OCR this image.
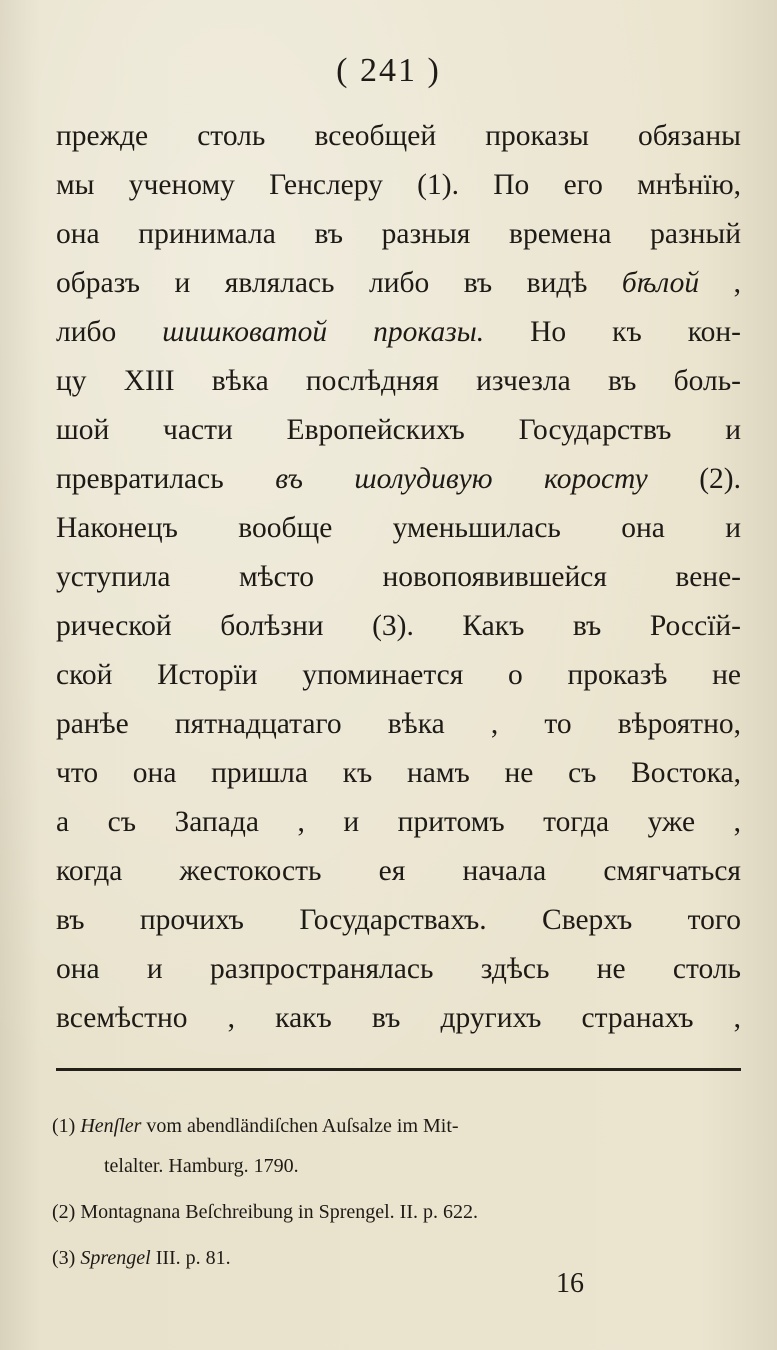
( 241 )
прежде столь всеобщей проказы обязаны
мы ученому Генслеру (1). По его мнѣнїю,
она принимала въ разныя времена разный
образъ и являлась либо въ видѣ бѣлой ,
либо шишковатой проказы. Но къ кон-
цу XIII вѣка послѣдняя изчезла въ боль-
шой части Европейскихъ Государствъ и
превратилась въ шолудивую коросту (2).
Наконецъ вообще уменьшилась она и
уступила мѣсто новопоявившейся вене-
рической болѣзни (3). Какъ въ Россїй-
ской Исторїи упоминается о проказѣ не
ранѣе пятнадцатаго вѣка , то вѣроятно,
что она пришла къ намъ не съ Востока,
а съ Запада , и притомъ тогда уже ,
когда жестокость ея начала смягчаться
въ прочихъ Государствахъ. Сверхъ того
она и разпространялась здѣсь не столь
всемѣстно , какъ въ другихъ странахъ ,
(1) Henſler vom abendländiſchen Auſsalze im Mit-
telalter. Hamburg. 1790.
(2) Montagnana Beſchreibung in Sprengel. II. p. 622.
(3) Sprengel III. p. 81.
16
